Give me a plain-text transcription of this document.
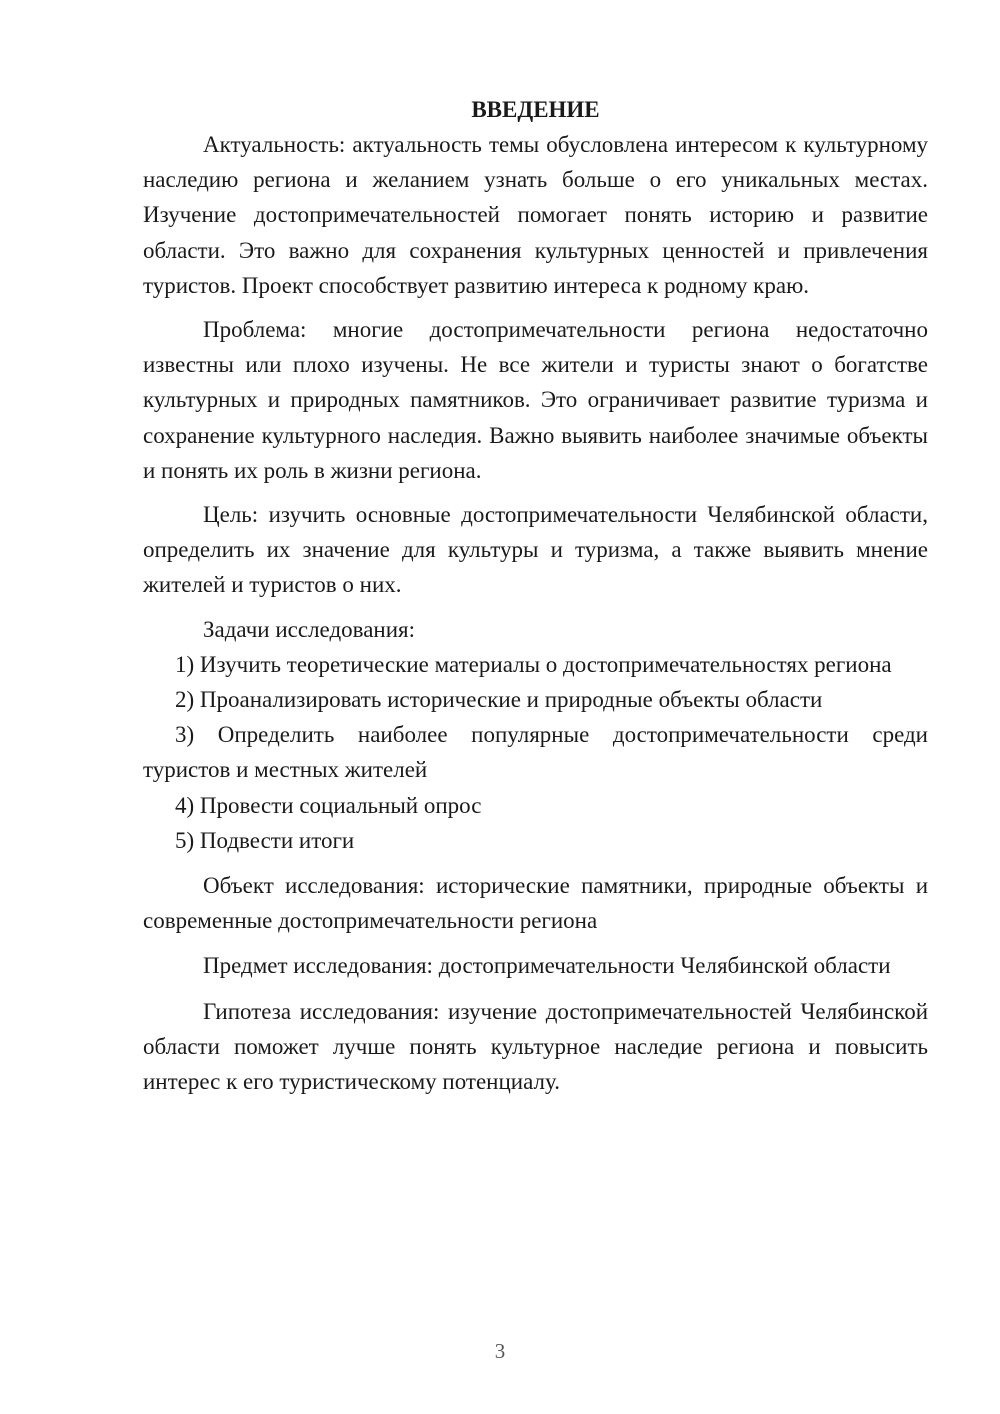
ВВЕДЕНИЕ

Актуальность: актуальность темы обусловлена интересом к культурному наследию региона и желанием узнать больше о его уникальных местах. Изучение достопримечательностей помогает понять историю и развитие области. Это важно для сохранения культурных ценностей и привлечения туристов. Проект способствует развитию интереса к родному краю.

Проблема: многие достопримечательности региона недостаточно известны или плохо изучены. Не все жители и туристы знают о богатстве культурных и природных памятников. Это ограничивает развитие туризма и сохранение культурного наследия. Важно выявить наиболее значимые объекты и понять их роль в жизни региона.

Цель: изучить основные достопримечательности Челябинской области, определить их значение для культуры и туризма, а также выявить мнение жителей и туристов о них.

Задачи исследования:

1) Изучить теоретические материалы о достопримечательностях региона

2) Проанализировать исторические и природные объекты области

3) Определить наиболее популярные достопримечательности среди туристов и местных жителей

4) Провести социальный опрос

5) Подвести итоги

Объект исследования: исторические памятники, природные объекты и современные достопримечательности региона

Предмет исследования: достопримечательности Челябинской области

Гипотеза исследования: изучение достопримечательностей Челябинской области поможет лучше понять культурное наследие региона и повысить интерес к его туристическому потенциалу.

3
